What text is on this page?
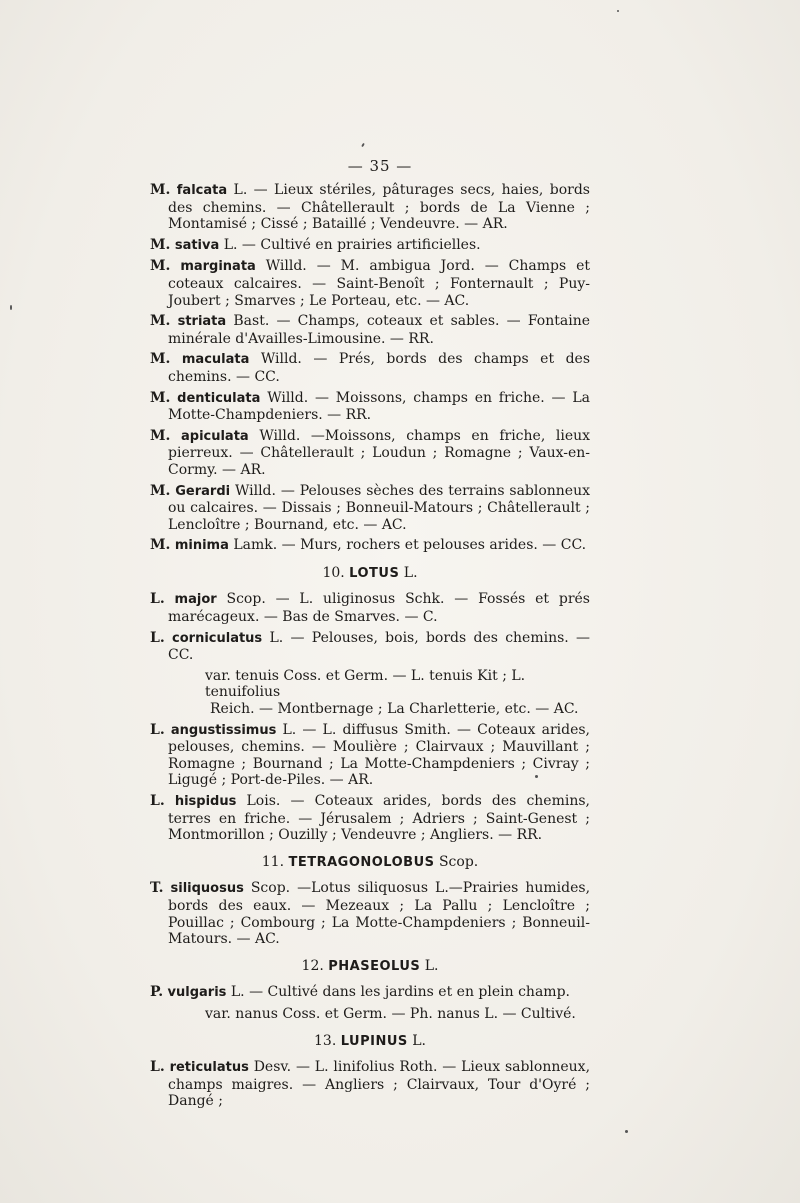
— 35 —
M. falcata L. — Lieux stériles, pâturages secs, haies, bords des chemins. — Châtellerault ; bords de La Vienne ; Montamisé ; Cissé ; Bataillé ; Vendeuvre. — AR.
M. sativa L. — Cultivé en prairies artificielles.
M. marginata Willd. — M. ambigua Jord. — Champs et coteaux calcaires. — Saint-Benoît ; Fonternault ; Puy-Joubert ; Smarves ; Le Porteau, etc. — AC.
M. striata Bast. — Champs, coteaux et sables. — Fontaine minérale d'Availles-Limousine. — RR.
M. maculata Willd. — Prés, bords des champs et des chemins. — CC.
M. denticulata Willd. — Moissons, champs en friche. — La Motte-Champdeniers. — RR.
M. apiculata Willd. —Moissons, champs en friche, lieux pierreux. — Châtellerault ; Loudun ; Romagne ; Vaux-en-Cormy. — AR.
M. Gerardi Willd. — Pelouses sèches des terrains sablonneux ou calcaires. — Dissais ; Bonneuil-Matours ; Châtellerault ; Lencloître ; Bournand, etc. — AC.
M. minima Lamk. — Murs, rochers et pelouses arides. — CC.
10. LOTUS L.
L. major Scop. — L. uliginosus Schk. — Fossés et prés marécageux. — Bas de Smarves. — C.
L. corniculatus L. — Pelouses, bois, bords des chemins. — CC.

var. tenuis Coss. et Germ. — L. tenuis Kit ; L. tenuifolius

Reich. — Montbernage ; La Charletterie, etc. — AC.

L. angustissimus L. — L. diffusus Smith. — Coteaux arides, pelouses, chemins. — Moulière ; Clairvaux ; Mauvillant ; Romagne ; Bournand ; La Motte-Champdeniers ; Civray ; Ligugé ; Port-de-Piles. — AR.
L. hispidus Lois. — Coteaux arides, bords des chemins, terres en friche. — Jérusalem ; Adriers ; Saint-Genest ; Montmorillon ; Ouzilly ; Vendeuvre ; Angliers. — RR.
11. TETRAGONOLOBUS Scop.
T. siliquosus Scop. —Lotus siliquosus L.—Prairies humides, bords des eaux. — Mezeaux ; La Pallu ; Lencloître ; Pouillac ; Combourg ; La Motte-Champdeniers ; Bonneuil-Matours. — AC.
12. PHASEOLUS L.
P. vulgaris L. — Cultivé dans les jardins et en plein champ.

var. nanus Coss. et Germ. — Ph. nanus L. — Cultivé.

13. LUPINUS L.
L. reticulatus Desv. — L. linifolius Roth. — Lieux sablonneux, champs maigres. — Angliers ; Clairvaux, Tour d'Oyré ; Dangé ;
